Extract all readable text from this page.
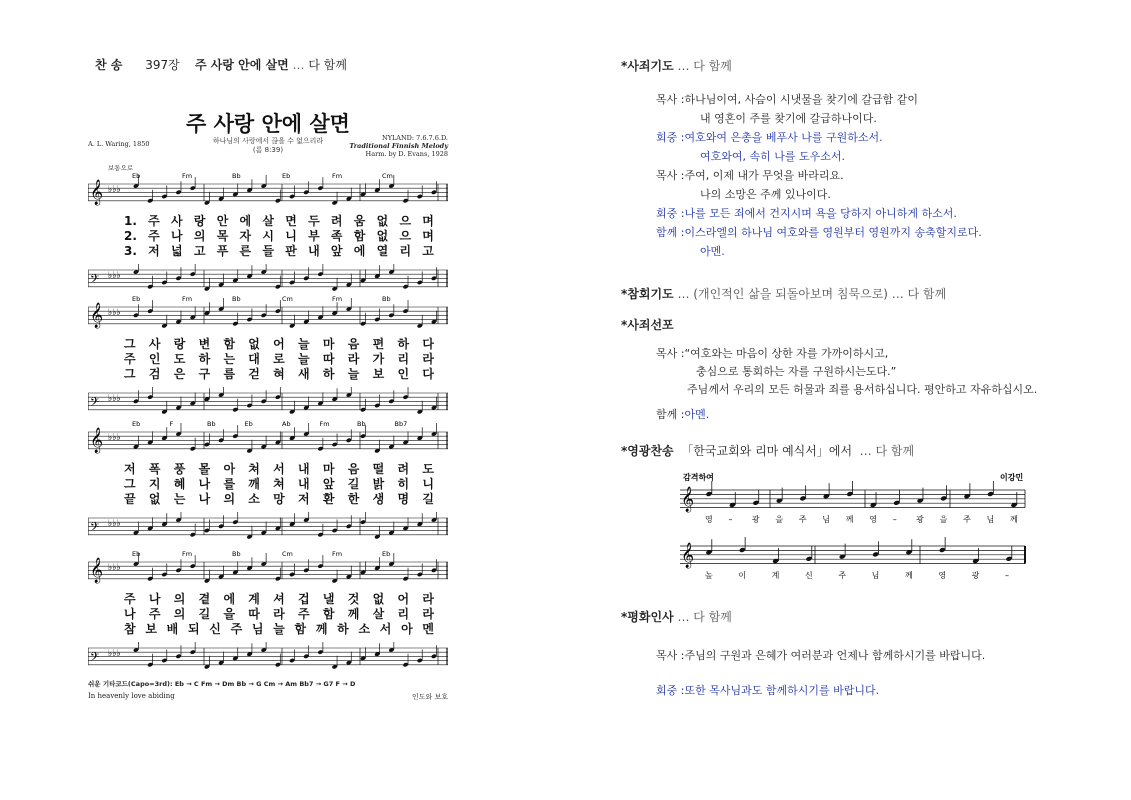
찬 송 397장 주 사랑 안에 살면 … 다 함께
주 사랑 안에 살면
하나님의 사랑에서 끊을 수 없으리라
(롬 8:39)
A. L. Waring, 1850
NYLAND: 7.6.7.6.D.
Traditional Finnish Melody
Harm. by D. Evans, 1928
보통으로
𝄞 ♭♭♭
Eb	Fm	Bb	Eb	Fm	Cm
1. 주 사 랑 안 에 살 면 두 려 움 없 으 며
2. 주 나 의 목 자 시 니 부 족 함 없 으 며
3. 저 넓 고 푸 른 들 판 내 앞 에 열 리 고
𝄢 ♭♭♭
𝄞 ♭♭♭
Eb	Fm	Bb	Cm	Fm	Bb
그 사 랑 변 함 없 어 늘 마 음 편 하 다
주 인 도 하 는 대 로 늘 따 라 가 리 라
그 검 은 구 름 걷 혀 새 하 늘 보 인 다
𝄢 ♭♭♭
𝄞 ♭♭♭
Eb	F	Bb	Eb	Ab	Fm	Bb	Bb7
저 폭 풍 몰 아 쳐 서 내 마 음 떨 려 도
그 지 혜 나 를 깨 쳐 내 앞 길 밝 히 니
끝 없 는 나 의 소 망 저 환 한 생 명 길
𝄢 ♭♭♭
𝄞 ♭♭♭
Eb	Fm	Bb	Cm	Fm	Eb
주 나 의 곁 에 계 셔 겁 낼 것 없 어 라
나 주 의 길 을 따 라 주 함 께 살 리 라
참 보 배 되 신 주 님 늘 함 께 하 소 서 아 멘
𝄢 ♭♭♭
쉬운 기타코드(Capo=3rd): Eb → C Fm → Dm Bb → G Cm → Am Bb7 → G7 F → D
In heavenly love abiding	인도와 보호
*사죄기도 … 다 함께
목사 :하나님이여, 사슴이 시냇물을 찾기에 갈급함 같이
내 영혼이 주를 찾기에 갈급하나이다.
회중 :여호와여 은총을 베푸사 나를 구원하소서.
여호와여, 속히 나를 도우소서.
목사 :주여, 이제 내가 무엇을 바라리요.
나의 소망은 주께 있나이다.
회중 :나를 모든 죄에서 건지시며 욕을 당하지 아니하게 하소서.
함께 :이스라엘의 하나님 여호와를 영원부터 영원까지 송축할지로다.
아멘.
*참회기도 … (개인적인 삶을 되돌아보며 침묵으로) … 다 함께
*사죄선포
목사 :“여호와는 마음이 상한 자를 가까이하시고,
충심으로 통회하는 자를 구원하시는도다.”
주님께서 우리의 모든 허물과 죄를 용서하십니다. 평안하고 자유하십시오.
함께 :아멘.
*영광찬송 「한국교회와 리마 예식서」에서 … 다 함께
감격하여	이강민
𝄞
𝄞
영 – 광 을 주 님 께 영 – 광 을 주 님 께
높	이	계	신	주	님	께	영	광	–
*평화인사 … 다 함께
목사 :주님의 구원과 은혜가 여러분과 언제나 함께하시기를 바랍니다.
회중 :또한 목사님과도 함께하시기를 바랍니다.
